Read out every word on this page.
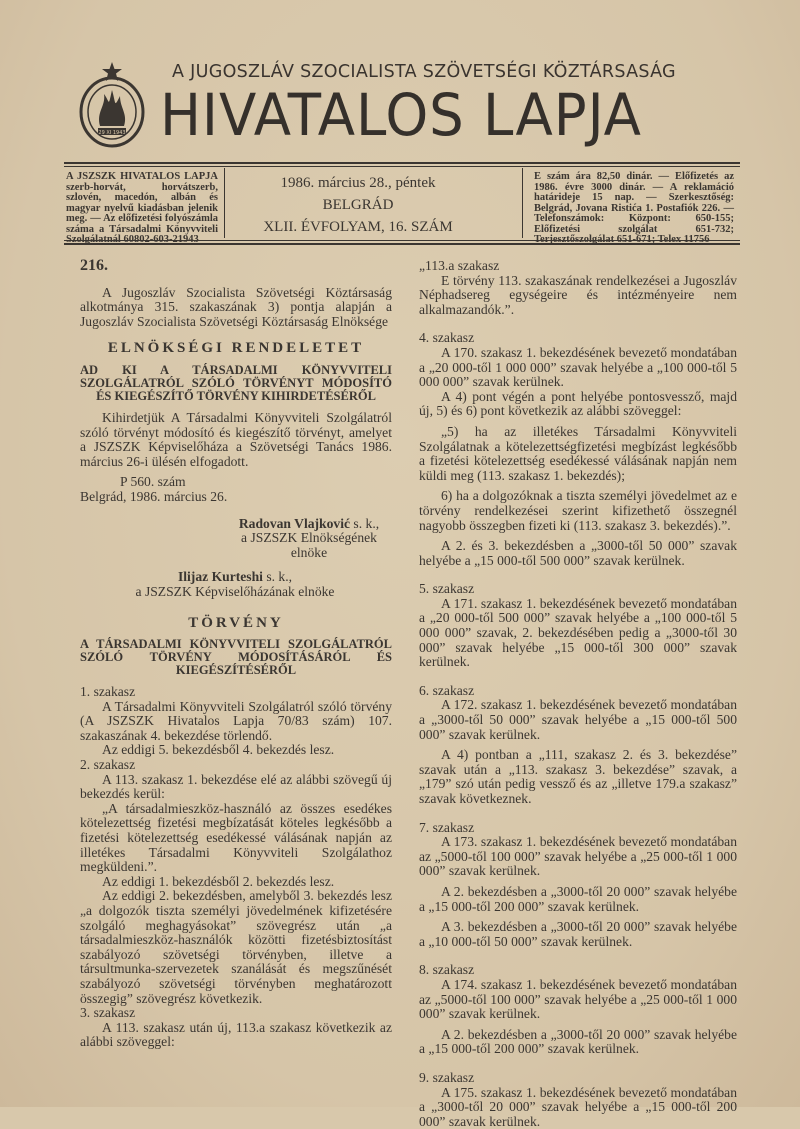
29 XI 1943
A JUGOSZLÁV SZOCIALISTA SZÖVETSÉGI KÖZTÁRSASÁG
HIVATALOS LAPJA
A JSZSZK HIVATALOS LAPJA szerb-horvát, horvátszerb, szlovén, macedón, albán és magyar nyelvű kiadásban jelenik meg. — Az előfizetési folyószámla száma a Társadalmi Könyvviteli Szolgálatnál 60802-603-21943
1986. március 28., péntek
BELGRÁD
XLII. ÉVFOLYAM, 16. SZÁM
E szám ára 82,50 dinár. — Előfizetés az 1986. évre 3000 dinár. — A reklamáció határideje 15 nap. — Szerkesztőség: Belgrád, Jovana Ristića 1. Postafiók 226. — Telefonszámok: Központ: 650-155; Előfizetési szolgálat 651-732; Terjesztőszolgálat 651-671; Telex 11756
216.

A Jugoszláv Szocialista Szövetségi Köztársaság alkotmánya 315. szakaszának 3) pontja alapján a Jugoszláv Szocialista Szövetségi Köztársaság Elnöksége

ELNÖKSÉGI RENDELETET
AD KI A TÁRSADALMI KÖNYVVITELI SZOLGÁLATRÓL SZÓLÓ TÖRVÉNYT MÓDOSÍTÓ ÉS KIEGÉSZÍTŐ TÖRVÉNY KIHIRDETÉSÉRŐL

Kihirdetjük A Társadalmi Könyvviteli Szolgálatról szóló törvényt módosító és kiegészítő törvényt, amelyet a JSZSZK Képviselőháza a Szövetségi Tanács 1986. március 26-i ülésén elfogadott.

P 560. szám

Belgrád, 1986. március 26.

Radovan Vlajković s. k.,
a JSZSZK Elnökségének elnöke
Ilijaz Kurteshi s. k.,
a JSZSZK Képviselőházának elnöke
TÖRVÉNY
A TÁRSADALMI KÖNYVVITELI SZOLGÁLATRÓL SZÓLÓ TÖRVÉNY MÓDOSÍTÁSÁRÓL ÉS KIEGÉSZÍTÉSÉRŐL

1. szakasz

A Társadalmi Könyvviteli Szolgálatról szóló törvény (A JSZSZK Hivatalos Lapja 70/83 szám) 107. szakaszának 4. bekezdése törlendő.

Az eddigi 5. bekezdésből 4. bekezdés lesz.

2. szakasz

A 113. szakasz 1. bekezdése elé az alábbi szövegű új bekezdés kerül:

„A társadalmieszköz-használó az összes esedékes kötelezettség fizetési megbízatását köteles legkésőbb a fizetési kötelezettség esedékessé válásának napján az illetékes Társadalmi Könyvviteli Szolgálathoz megküldeni.”.

Az eddigi 1. bekezdésből 2. bekezdés lesz.

Az eddigi 2. bekezdésben, amelyből 3. bekezdés lesz „a dolgozók tiszta személyi jövedelmének kifizetésére szolgáló meghagyásokat” szövegrész után „a társadalmieszköz-használók közötti fizetésbiztosítást szabályozó szövetségi törvényben, illetve a társultmunka-szervezetek szanálását és megszűnését szabályozó szövetségi törvényben meghatározott összegig” szövegrész következik.

3. szakasz

A 113. szakasz után új, 113.a szakasz következik az alábbi szöveggel:

„113.a szakasz

E törvény 113. szakaszának rendelkezései a Jugoszláv Néphadsereg egységeire és intézményeire nem alkalmazandók.”.

4. szakasz

A 170. szakasz 1. bekezdésének bevezető mondatában a „20 000-től 1 000 000” szavak helyébe a „100 000-től 5 000 000” szavak kerülnek.

A 4) pont végén a pont helyébe pontosvessző, majd új, 5) és 6) pont következik az alábbi szöveggel:

„5) ha az illetékes Társadalmi Könyvviteli Szolgálatnak a kötelezettségfizetési megbízást legkésőbb a fizetési kötelezettség esedékessé válásának napján nem küldi meg (113. szakasz 1. bekezdés);

6) ha a dolgozóknak a tiszta személyi jövedelmet az e törvény rendelkezései szerint kifizethető összegnél nagyobb összegben fizeti ki (113. szakasz 3. bekezdés).”.

A 2. és 3. bekezdésben a „3000-től 50 000” szavak helyébe a „15 000-től 500 000” szavak kerülnek.

5. szakasz

A 171. szakasz 1. bekezdésének bevezető mondatában a „20 000-től 500 000” szavak helyébe a „100 000-től 5 000 000” szavak, 2. bekezdésében pedig a „3000-től 30 000” szavak helyébe „15 000-től 300 000” szavak kerülnek.

6. szakasz

A 172. szakasz 1. bekezdésének bevezető mondatában a „3000-től 50 000” szavak helyébe a „15 000-től 500 000” szavak kerülnek.

A 4) pontban a „111, szakasz 2. és 3. bekezdése” szavak után a „113. szakasz 3. bekezdése” szavak, a „179” szó után pedig vessző és az „illetve 179.a szakasz” szavak következnek.

7. szakasz

A 173. szakasz 1. bekezdésének bevezető mondatában az „5000-től 100 000” szavak helyébe a „25 000-től 1 000 000” szavak kerülnek.

A 2. bekezdésben a „3000-től 20 000” szavak helyébe a „15 000-től 200 000” szavak kerülnek.

A 3. bekezdésben a „3000-től 20 000” szavak helyébe a „10 000-től 50 000” szavak kerülnek.

8. szakasz

A 174. szakasz 1. bekezdésének bevezető mondatában az „5000-től 100 000” szavak helyébe a „25 000-től 1 000 000” szavak kerülnek.

A 2. bekezdésben a „3000-től 20 000” szavak helyébe a „15 000-től 200 000” szavak kerülnek.

9. szakasz

A 175. szakasz 1. bekezdésének bevezető mondatában a „3000-től 20 000” szavak helyébe a „15 000-től 200 000” szavak kerülnek.
